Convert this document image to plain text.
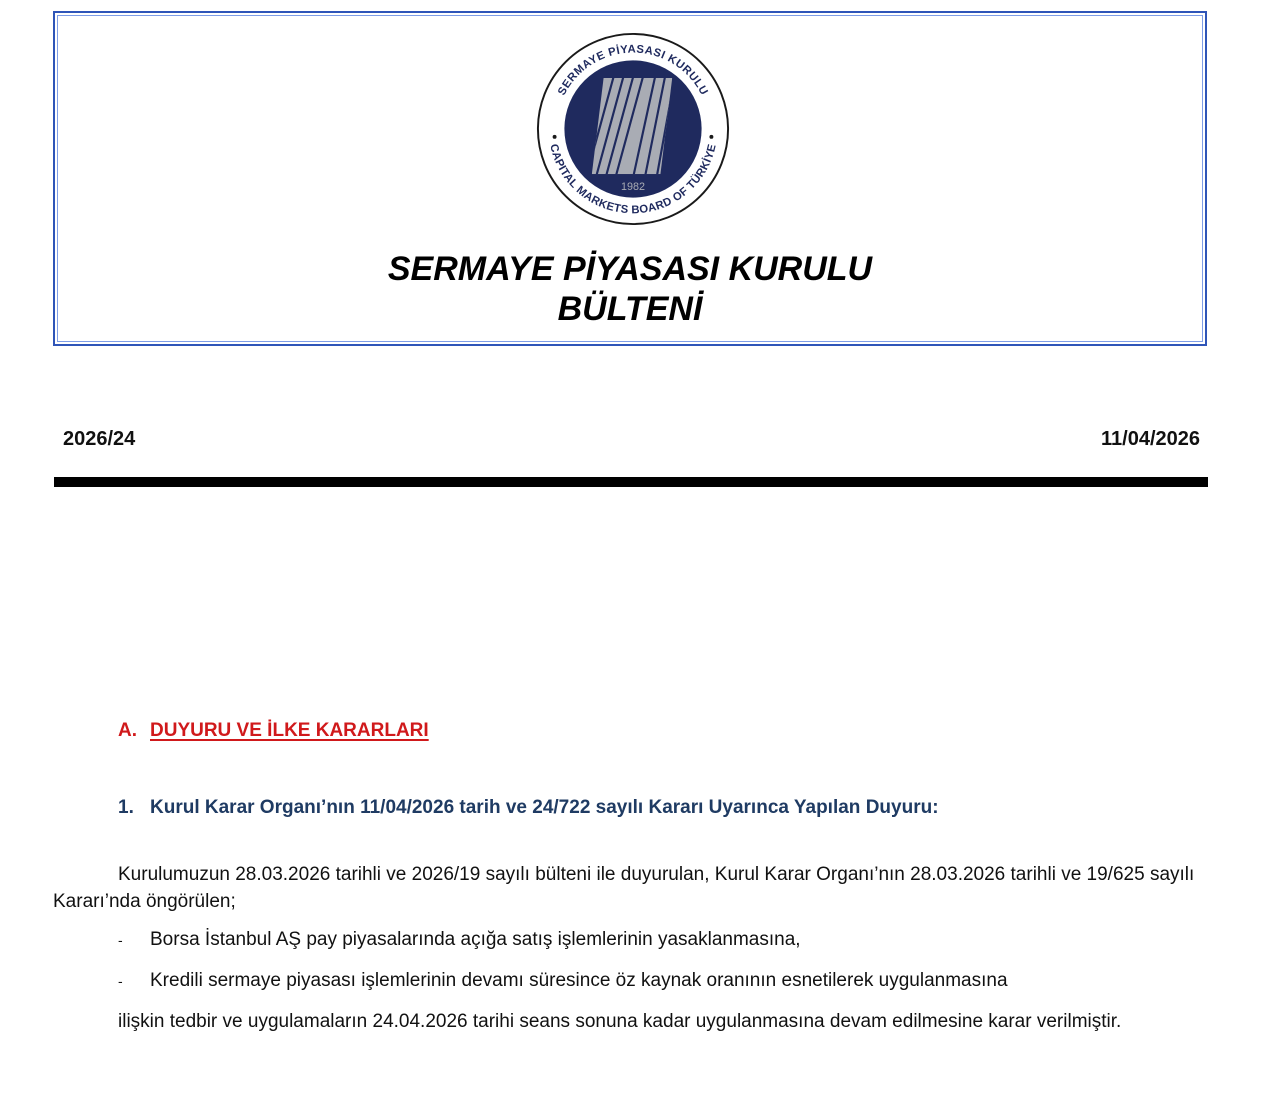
1982
SERMAYE PİYASASI KURULU
CAPITAL MARKETS BOARD OF TÜRKİYE
SERMAYE PİYASASI KURULU
BÜLTENİ
2026/24	11/04/2026
A. DUYURU VE İLKE KARARLARI
1. Kurul Karar Organı’nın 11/04/2026 tarih ve 24/722 sayılı Kararı Uyarınca Yapılan Duyuru:
Kurulumuzun 28.03.2026 tarihli ve 2026/19 sayılı bülteni ile duyurulan, Kurul Karar Organı’nın 28.03.2026 tarihli ve 19/625 sayılı Kararı’nda öngörülen;
- Borsa İstanbul AŞ pay piyasalarında açığa satış işlemlerinin yasaklanmasına,
- Kredili sermaye piyasası işlemlerinin devamı süresince öz kaynak oranının esnetilerek uygulanmasına
ilişkin tedbir ve uygulamaların 24.04.2026 tarihi seans sonuna kadar uygulanmasına devam edilmesine karar verilmiştir.
